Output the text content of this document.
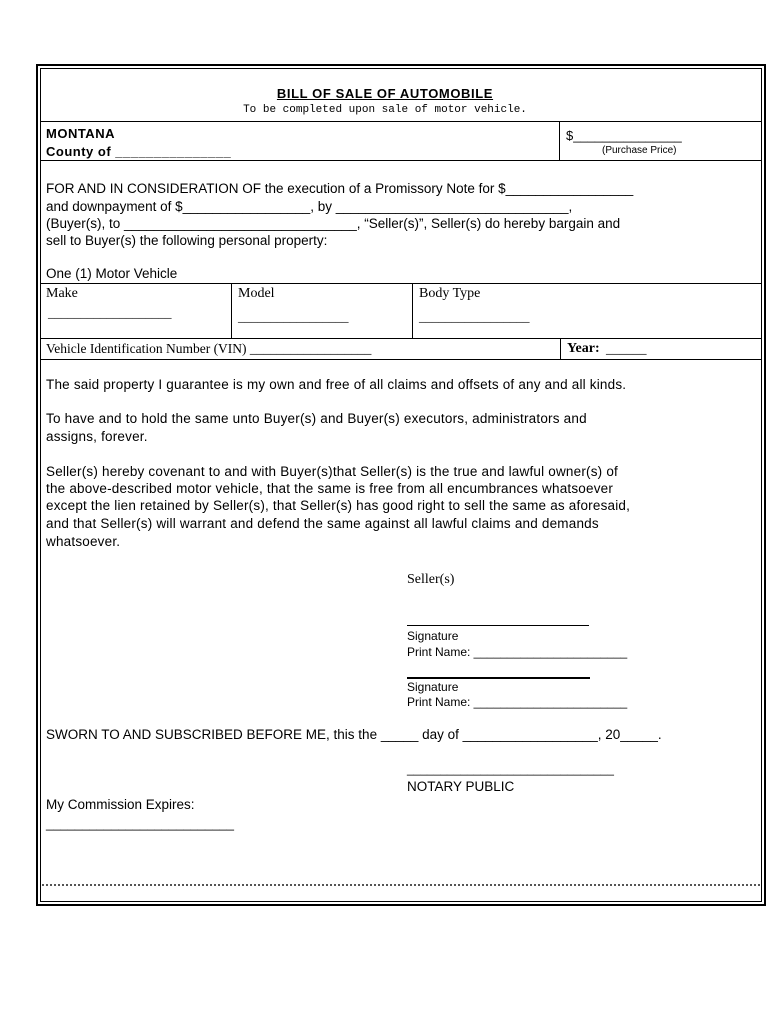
BILL OF SALE OF AUTOMOBILE
To be completed upon sale of motor vehicle.
MONTANA
County of _______________
$_______________
(Purchase Price)
FOR AND IN CONSIDERATION OF the execution of a Promissory Note for $_________________
and downpayment of $_________________, by _______________________________,
(Buyer(s), to _______________________________, “Seller(s)”, Seller(s) do hereby bargain and
sell to Buyer(s) the following personal property:
One (1) Motor Vehicle
Make
___________________
Model
_________________
Body Type
_________________
Vehicle Identification Number (VIN) __________________	Year: ______
The said property I guarantee is my own and free of all claims and offsets of any and all kinds.
To have and to hold the same unto Buyer(s) and Buyer(s) executors, administrators and
assigns, forever.
Seller(s) hereby covenant to and with Buyer(s)that Seller(s) is the true and lawful owner(s) of
the above-described motor vehicle, that the same is free from all encumbrances whatsoever
except the lien retained by Seller(s), that Seller(s) has good right to sell the same as aforesaid,
and that Seller(s) will warrant and defend the same against all lawful claims and demands
whatsoever.
Seller(s)
Signature
Print Name: _______________________
Signature
Print Name: _______________________
SWORN TO AND SUBSCRIBED BEFORE ME, this the _____ day of __________________, 20_____.
_______________________________
NOTARY PUBLIC
My Commission Expires:
__________________________
